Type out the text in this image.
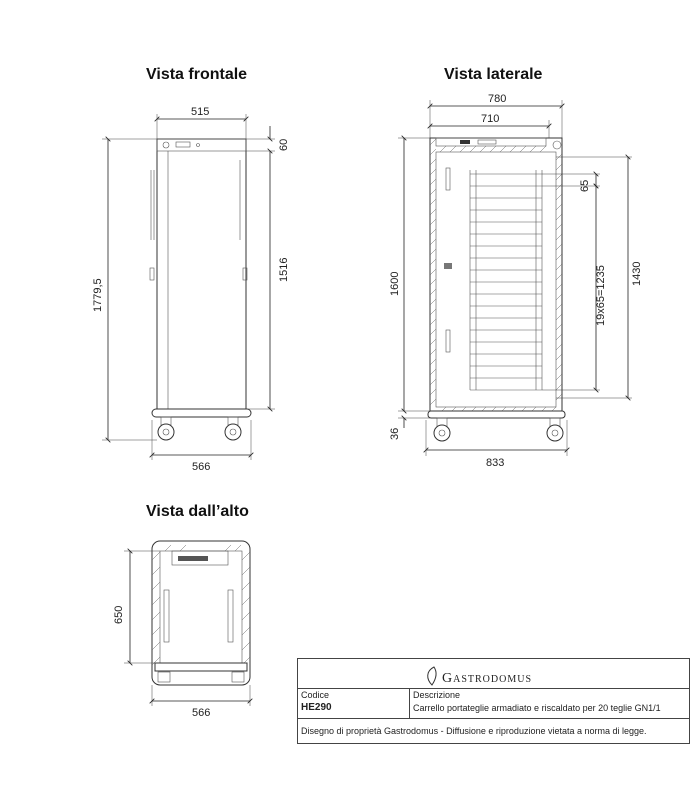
Vista frontale	Vista laterale
Vista dall’alto
515
566
1779,5
60
1516
780
710
1600
36
833
65
19x65=1235 1430
650
566
Gastrodomus
Codice
HE290
Descrizione
Carrello portateglie armadiato e riscaldato per 20 teglie GN1/1
Disegno di proprietà Gastrodomus - Diffusione e riproduzione vietata a norma di legge.
